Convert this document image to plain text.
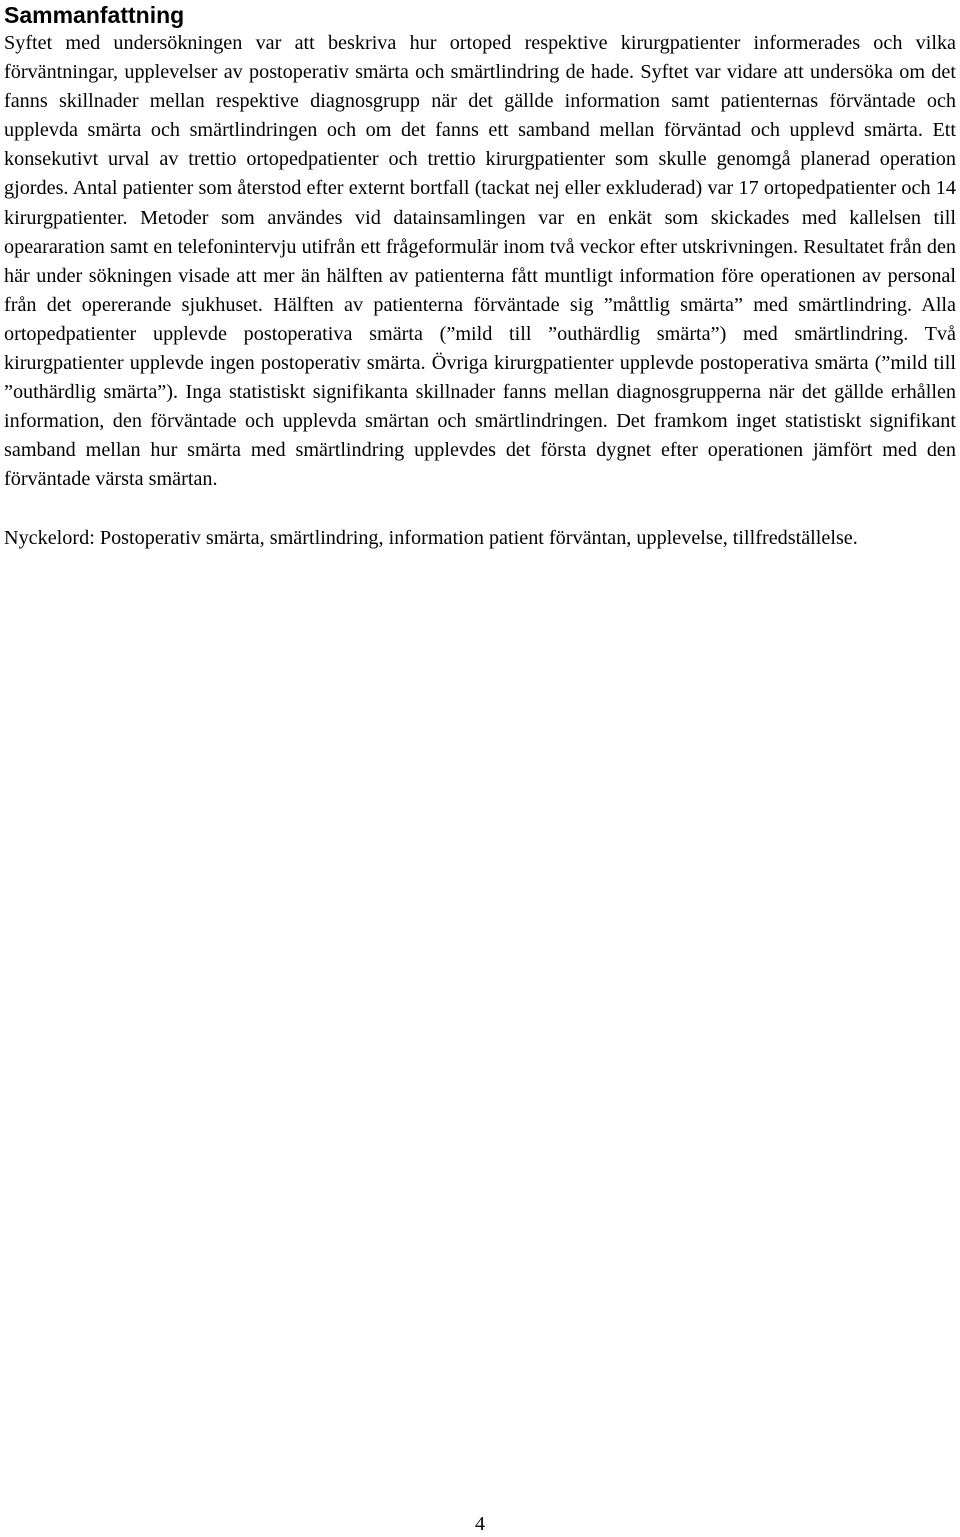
Sammanfattning

Syftet med undersökningen var att beskriva hur ortoped respektive kirurgpatienter informerades och vilka förväntningar, upplevelser av postoperativ smärta och smärtlindring de hade. Syftet var vidare att undersöka om det fanns skillnader mellan respektive diagnosgrupp när det gällde information samt patienternas förväntade och upplevda smärta och smärtlindringen och om det fanns ett samband mellan förväntad och upplevd smärta. Ett konsekutivt urval av trettio ortopedpatienter och trettio kirurgpatienter som skulle genomgå planerad operation gjordes. Antal patienter som återstod efter externt bortfall (tackat nej eller exkluderad) var 17 ortopedpatienter och 14 kirurgpatienter. Metoder som användes vid datainsamlingen var en enkät som skickades med kallelsen till opeararation samt en telefonintervju utifrån ett frågeformulär inom två veckor efter utskrivningen. Resultatet från den här under sökningen visade att mer än hälften av patienterna fått muntligt information före operationen av personal från det opererande sjukhuset. Hälften av patienterna förväntade sig ”måttlig smärta” med smärtlindring. Alla ortopedpatienter upplevde postoperativa smärta (”mild till ”outhärdlig smärta”) med smärtlindring. Två kirurgpatienter upplevde ingen postoperativ smärta. Övriga kirurgpatienter upplevde postoperativa smärta (”mild till ”outhärdlig smärta”). Inga statistiskt signifikanta skillnader fanns mellan diagnosgrupperna när det gällde erhållen information, den förväntade och upplevda smärtan och smärtlindringen. Det framkom inget statistiskt signifikant samband mellan hur smärta med smärtlindring upplevdes det första dygnet efter operationen jämfört med den förväntade värsta smärtan.

Nyckelord: Postoperativ smärta, smärtlindring, information patient förväntan, upplevelse, tillfredställelse.

4
